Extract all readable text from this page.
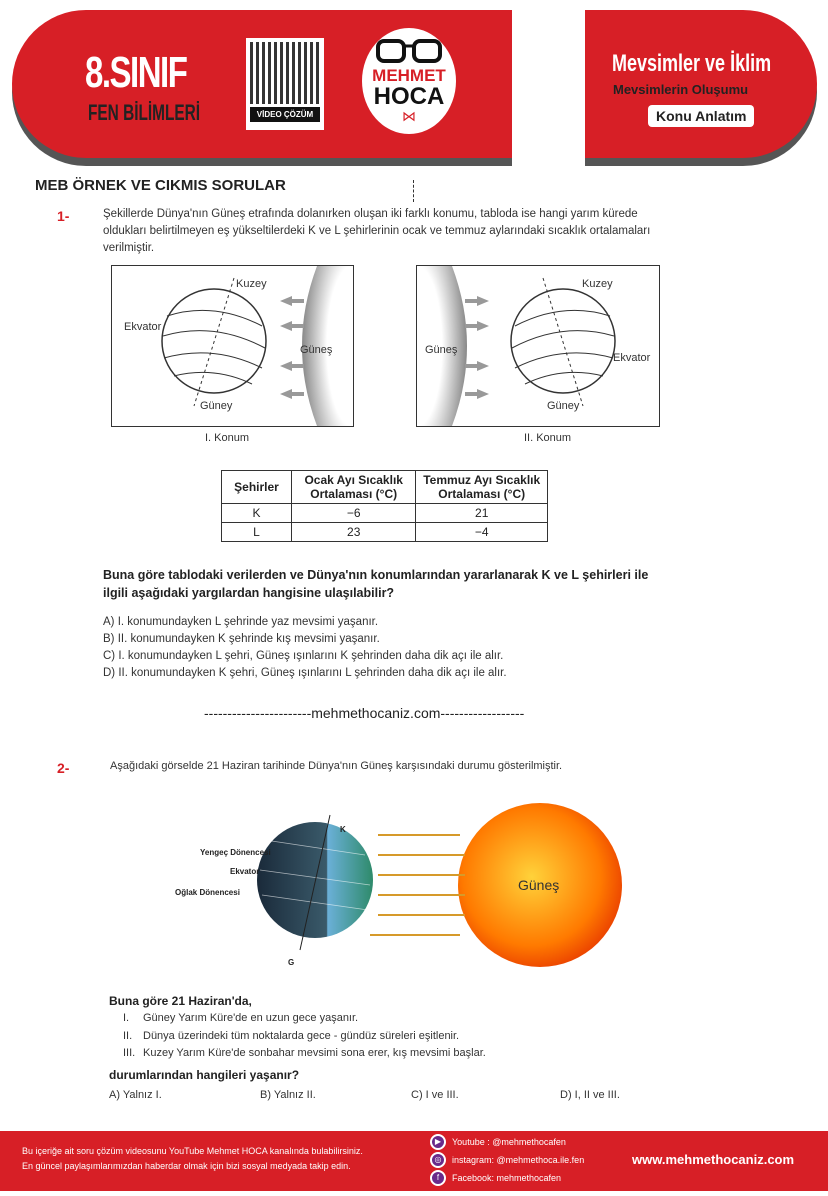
8.SINIF
FEN BİLİMLERİ	VİDEO ÇÖZÜM
MEHMET
HOCA
⋈
Mevsimler ve İklim
Mevsimlerin Oluşumu
Konu Anlatım
MEB ÖRNEK VE CIKMIS SORULAR
1-	Şekillerde Dünya'nın Güneş etrafında dolanırken oluşan iki farklı konumu, tabloda ise hangi yarım kürede oldukları belirtilmeyen eş yükseltilerdeki K ve L şehirlerinin ocak ve temmuz aylarındaki sıcaklık ortalamaları verilmiştir.
Kuzey
Ekvator
Güneş
Güney
I. Konum
Kuzey
Ekvator
Güneş
Güney
II. Konum
Şehirler	Ocak Ayı Sıcaklık Ortalaması (°C)	Temmuz Ayı Sıcaklık Ortalaması (°C)
K	−6	21
L	23	−4
Buna göre tablodaki verilerden ve Dünya'nın konumlarından yararlanarak K ve L şehirleri ile ilgili aşağıdaki yargılardan hangisine ulaşılabilir?
A) I. konumundayken L şehrinde yaz mevsimi yaşanır.
B) II. konumundayken K şehrinde kış mevsimi yaşanır.
C) I. konumundayken L şehri, Güneş ışınlarını K şehrinden daha dik açı ile alır.
D) II. konumundayken K şehri, Güneş ışınlarını L şehrinden daha dik açı ile alır.
-----------------------mehmethocaniz.com------------------
2-	Aşağıdaki görselde 21 Haziran tarihinde Dünya'nın Güneş karşısındaki durumu gösterilmiştir.
K
G
Yengeç Dönencesi
Ekvator
Oğlak Dönencesi	Güneş
Buna göre 21 Haziran'da,
I. Güney Yarım Küre'de en uzun gece yaşanır.
II. Dünya üzerindeki tüm noktalarda gece - gündüz süreleri eşitlenir.
III. Kuzey Yarım Küre'de sonbahar mevsimi sona erer, kış mevsimi başlar.
durumlarından hangileri yaşanır?
A) Yalnız I.	B) Yalnız II.	C) I ve III.	D) I, II ve III.
Bu içeriğe ait soru çözüm videosunu YouTube Mehmet HOCA kanalında bulabilirsiniz.
En güncel paylaşımlarımızdan haberdar olmak için bizi sosyal medyada takip edin.
▶	Youtube : @mehmethocafen
◎	instagram: @mehmethoca.ile.fen
f	Facebook: mehmethocafen
www.mehmethocaniz.com
